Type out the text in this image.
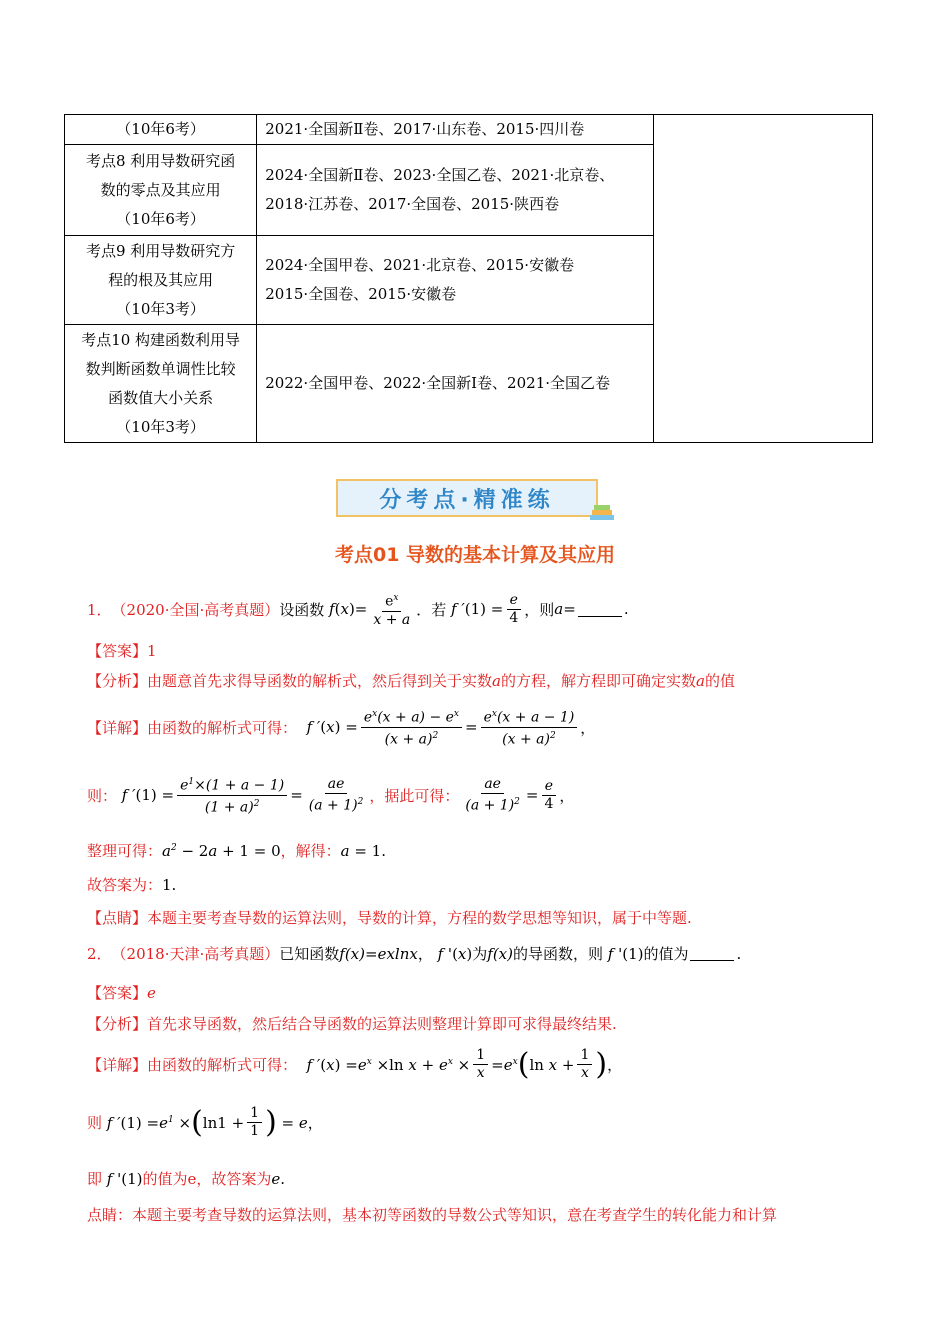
（10年6考）	2021·全国新Ⅱ卷、2017·山东卷、2015·四川卷	

考点8 利用导数研究函
数的零点及其应用
（10年6考）	2024·全国新Ⅱ卷、2023·全国乙卷、2021·北京卷、
2018·江苏卷、2017·全国卷、2015·陕西卷	

考点9 利用导数研究方
程的根及其应用
（10年3考）	2024·全国甲卷、2021·北京卷、2015·安徽卷
2015·全国卷、2015·安徽卷	

考点10 构建函数利用导
数判断函数单调性比较
函数值大小关系
（10年3考）	2022·全国甲卷、2022·全国新Ⅰ卷、2021·全国乙卷	
分考点·精准练
考点01 导数的基本计算及其应用
1． （2020·全国·高考真题） 设函数 f ( x )= $\frac{e^x}{x + a}$ ．若 f ′ $(1) = \frac{e}{4}$ ，则 a =	.
【答案】 1
【分析】 由题意首先求得导函数的解析式，然后得到关于实数 a 的方程，解方程即可确定实数 a 的值
【详解】 由函数的解析式可得： f ′ ( x ) = $\frac{e^x(x + a) - e^x}{(x + a)^2} = \frac{e^x(x + a - 1)}{(x + a)^2}$ ，
则： f ′ $(1) = \frac{e^1\times(1 + a - 1)}{(1 + a)^2} = \frac{ae}{(a + 1)^2}$ ，据此可得： $\frac{ae}{(a + 1)^2} = \frac{e}{4}$ ，
整理可得： $a^2 - 2$ a + 1 = 0 ，解得： a = 1.
故答案为： 1.
【点睛】 本题主要考查导数的运算法则，导数的计算，方程的数学思想等知识，属于中等题.
2． （2018·天津·高考真题） 已知函数 f(x)=exlnx ， f ' ( x ) 为 f(x) 的导函数，则 f ' (1) 的值为	.
【答案】 e
【分析】 首先求导函数，然后结合导函数的运算法则整理计算即可求得最终结果.
【详解】 由函数的解析式可得： f ′ ( x ) = $e^x \times\ln$ $x + e^x \times \frac{1}{x} = e^x$ ( $\ln x + \frac{1}{x}$ ) ，
则 f ′ $(1) = e^1$ × ( $\ln 1 + \frac{1}{1}$ ) = e ，
即 f ' (1) 的值为e，故答案为 e .
点睛：本题主要考查导数的运算法则，基本初等函数的导数公式等知识，意在考查学生的转化能力和计算
